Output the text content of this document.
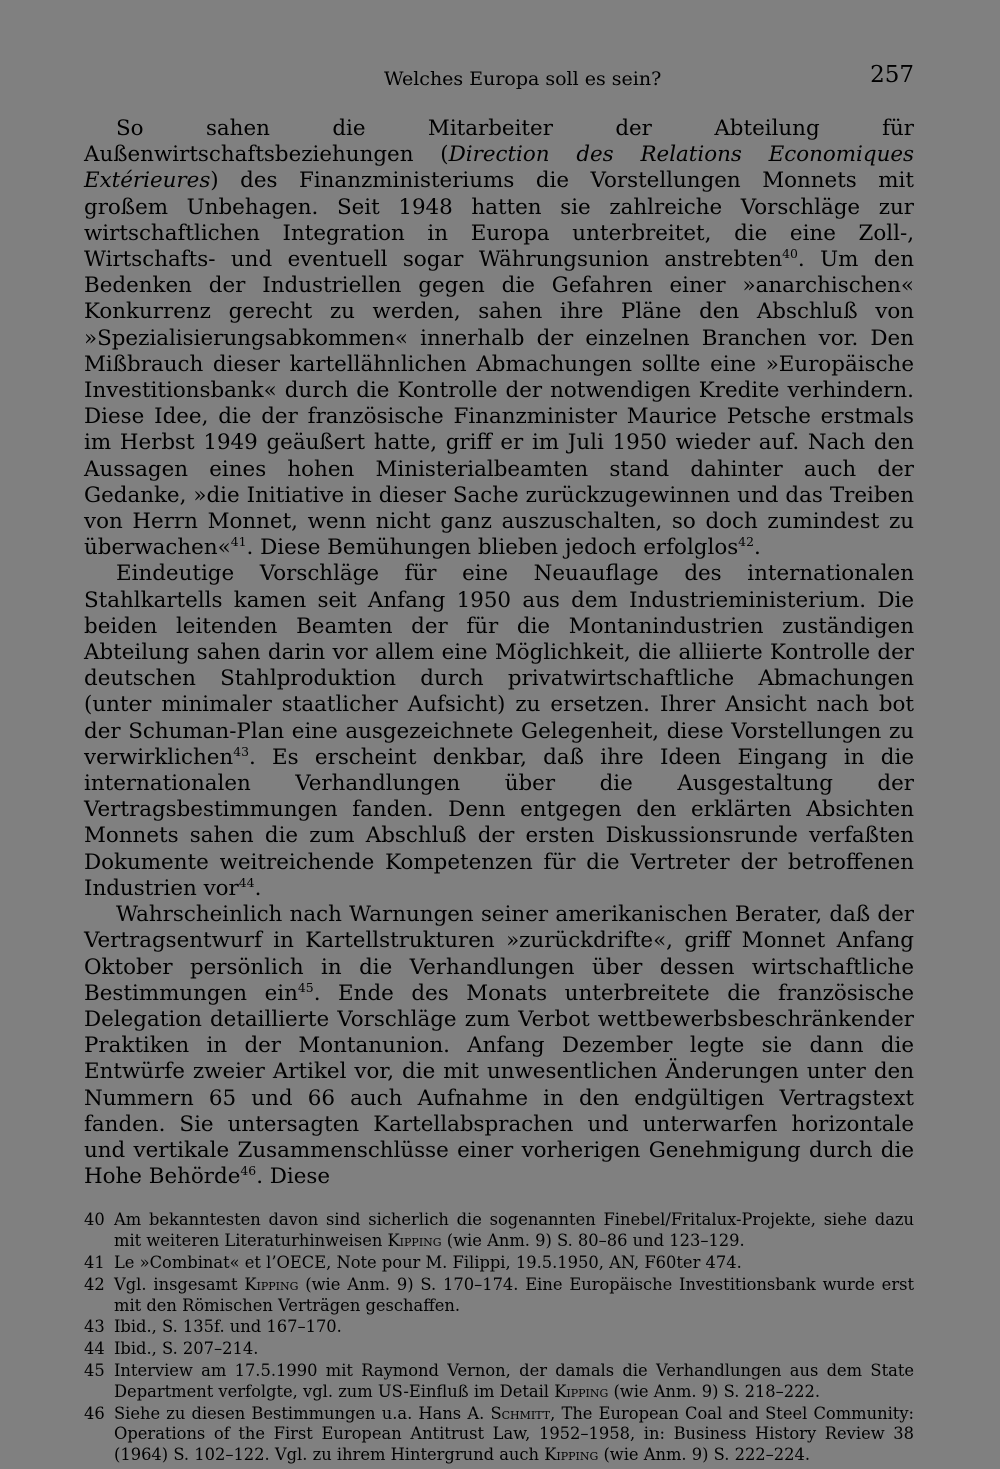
Welches Europa soll es sein?	257

So sahen die Mitarbeiter der Abteilung für Außenwirtschaftsbeziehungen (Direction des Relations Economiques Extérieures) des Finanzministeriums die Vorstellungen Monnets mit großem Unbehagen. Seit 1948 hatten sie zahlreiche Vorschläge zur wirtschaftlichen Integration in Europa unterbreitet, die eine Zoll-, Wirtschafts- und eventuell sogar Währungsunion anstrebten$^{40}$. Um den Bedenken der Industriellen gegen die Gefahren einer »anarchischen« Konkurrenz gerecht zu werden, sahen ihre Pläne den Abschluß von »Spezialisierungsabkommen« innerhalb der einzelnen Branchen vor. Den Mißbrauch dieser kartellähnlichen Abmachungen sollte eine »Europäische Investitionsbank« durch die Kontrolle der notwendigen Kredite verhindern. Diese Idee, die der französische Finanzminister Maurice Petsche erstmals im Herbst 1949 geäußert hatte, griff er im Juli 1950 wieder auf. Nach den Aussagen eines hohen Ministerialbeamten stand dahinter auch der Gedanke, »die Initiative in dieser Sache zurückzugewinnen und das Treiben von Herrn Monnet, wenn nicht ganz auszuschalten, so doch zumindest zu überwachen«$^{41}$. Diese Bemühungen blieben jedoch erfolglos$^{42}$.

Eindeutige Vorschläge für eine Neuauflage des internationalen Stahlkartells kamen seit Anfang 1950 aus dem Industrieministerium. Die beiden leitenden Beamten der für die Montanindustrien zuständigen Abteilung sahen darin vor allem eine Möglichkeit, die alliierte Kontrolle der deutschen Stahlproduktion durch privatwirtschaftliche Abmachungen (unter minimaler staatlicher Aufsicht) zu ersetzen. Ihrer Ansicht nach bot der Schuman-Plan eine ausgezeichnete Gelegenheit, diese Vorstellungen zu verwirklichen$^{43}$. Es erscheint denkbar, daß ihre Ideen Eingang in die internationalen Verhandlungen über die Ausgestaltung der Vertragsbestimmungen fanden. Denn entgegen den erklärten Absichten Monnets sahen die zum Abschluß der ersten Diskussionsrunde verfaßten Dokumente weitreichende Kompetenzen für die Vertreter der betroffenen Industrien vor$^{44}$.

Wahrscheinlich nach Warnungen seiner amerikanischen Berater, daß der Vertragsentwurf in Kartellstrukturen »zurückdrifte«, griff Monnet Anfang Oktober persönlich in die Verhandlungen über dessen wirtschaftliche Bestimmungen ein$^{45}$. Ende des Monats unterbreitete die französische Delegation detaillierte Vorschläge zum Verbot wettbewerbsbeschränkender Praktiken in der Montanunion. Anfang Dezember legte sie dann die Entwürfe zweier Artikel vor, die mit unwesentlichen Änderungen unter den Nummern 65 und 66 auch Aufnahme in den endgültigen Vertragstext fanden. Sie untersagten Kartellabsprachen und unterwarfen horizontale und vertikale Zusammenschlüsse einer vorherigen Genehmigung durch die Hohe Behörde$^{46}$. Diese

40 Am bekanntesten davon sind sicherlich die sogenannten Finebel/Fritalux-Projekte, siehe dazu mit weiteren Literaturhinweisen Kipping (wie Anm. 9) S. 80–86 und 123–129.
41 Le »Combinat« et l’OECE, Note pour M. Filippi, 19.5.1950, AN, F60ter 474.
42 Vgl. insgesamt Kipping (wie Anm. 9) S. 170–174. Eine Europäische Investitionsbank wurde erst mit den Römischen Verträgen geschaffen.
43 Ibid., S. 135f. und 167–170.
44 Ibid., S. 207–214.
45 Interview am 17.5.1990 mit Raymond Vernon, der damals die Verhandlungen aus dem State Department verfolgte, vgl. zum US-Einfluß im Detail Kipping (wie Anm. 9) S. 218–222.
46 Siehe zu diesen Bestimmungen u.a. Hans A. Schmitt, The European Coal and Steel Community: Operations of the First European Antitrust Law, 1952–1958, in: Business History Review 38 (1964) S. 102–122. Vgl. zu ihrem Hintergrund auch Kipping (wie Anm. 9) S. 222–224.
